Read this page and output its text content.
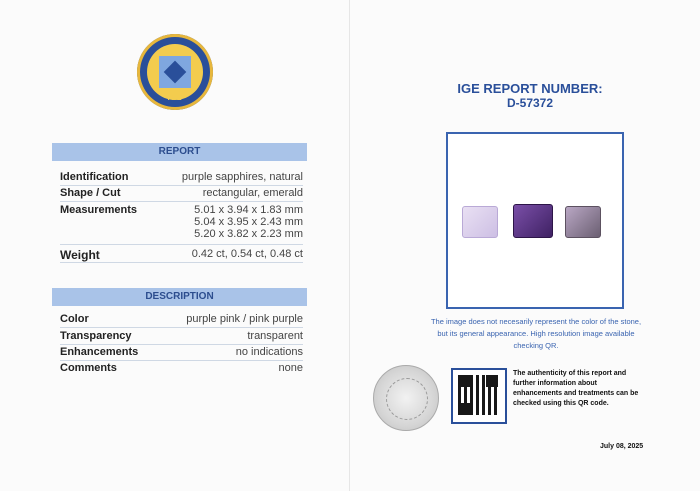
IGE
REPORT
Identification	purple sapphires, natural
Shape / Cut	rectangular, emerald
Measurements	5.01 x 3.94 x 1.83 mm
5.04 x 3.95 x 2.43 mm
5.20 x 3.82 x 2.23 mm
Weight	0.42 ct, 0.54 ct, 0.48 ct
DESCRIPTION
Color	purple pink / pink purple
Transparency	transparent
Enhancements	no indications
Comments	none
IGE REPORT NUMBER:
D-57372
The image does not necesarily represent the color of the stone, but its general appearance. High resolution image available checking QR.
The authenticity of this report and further information about enhancements and treatments can be checked using this QR code.
July 08, 2025
